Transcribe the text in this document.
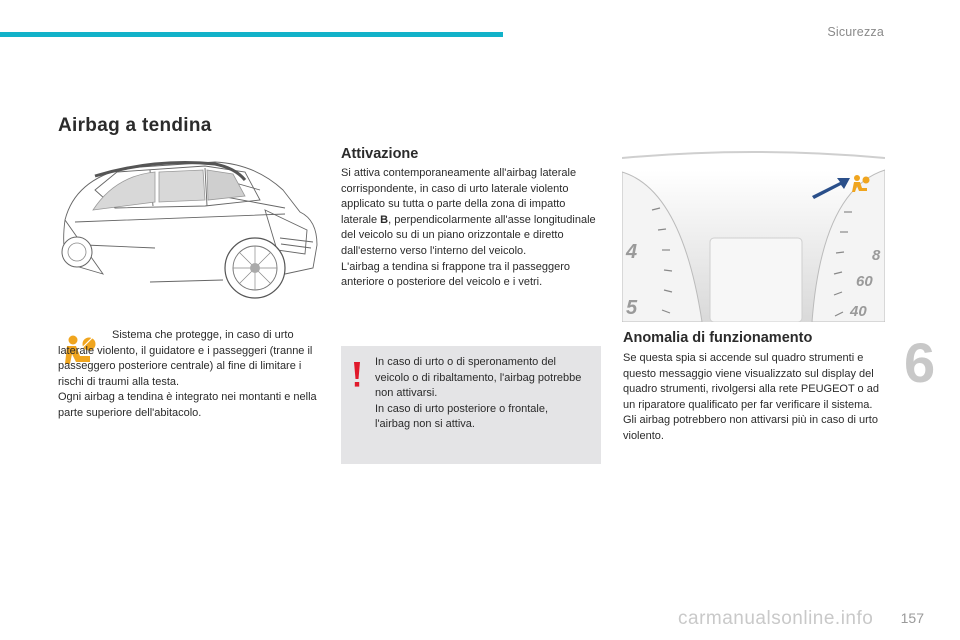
Sicurezza
Airbag a tendina

Sistema che protegge, in caso di urto laterale violento, il guidatore e i passeggeri (tranne il passeggero posteriore centrale) al fine di limitare i rischi di traumi alla testa.

Ogni airbag a tendina è integrato nei montanti e nella parte superiore dell'abitacolo.

Attivazione

Si attiva contemporaneamente all'airbag laterale corrispondente, in caso di urto laterale violento applicato su tutta o parte della zona di impatto laterale B, perpendicolarmente all'asse longitudinale del veicolo su di un piano orizzontale e diretto dall'esterno verso l'interno del veicolo.

L'airbag a tendina si frappone tra il passeggero anteriore o posteriore del veicolo e i vetri.

In caso di urto o di speronamento del veicolo o di ribaltamento, l'airbag potrebbe non attivarsi.

In caso di urto posteriore o frontale, l'airbag non si attiva.

4
5
8
60
40
Anomalia di funzionamento

Se questa spia si accende sul quadro strumenti e questo messaggio viene visualizzato sul display del quadro strumenti, rivolgersi alla rete PEUGEOT o ad un riparatore qualificato per far verificare il sistema. Gli airbag potrebbero non attivarsi più in caso di urto violento.

6
carmanualsonline.info 157
